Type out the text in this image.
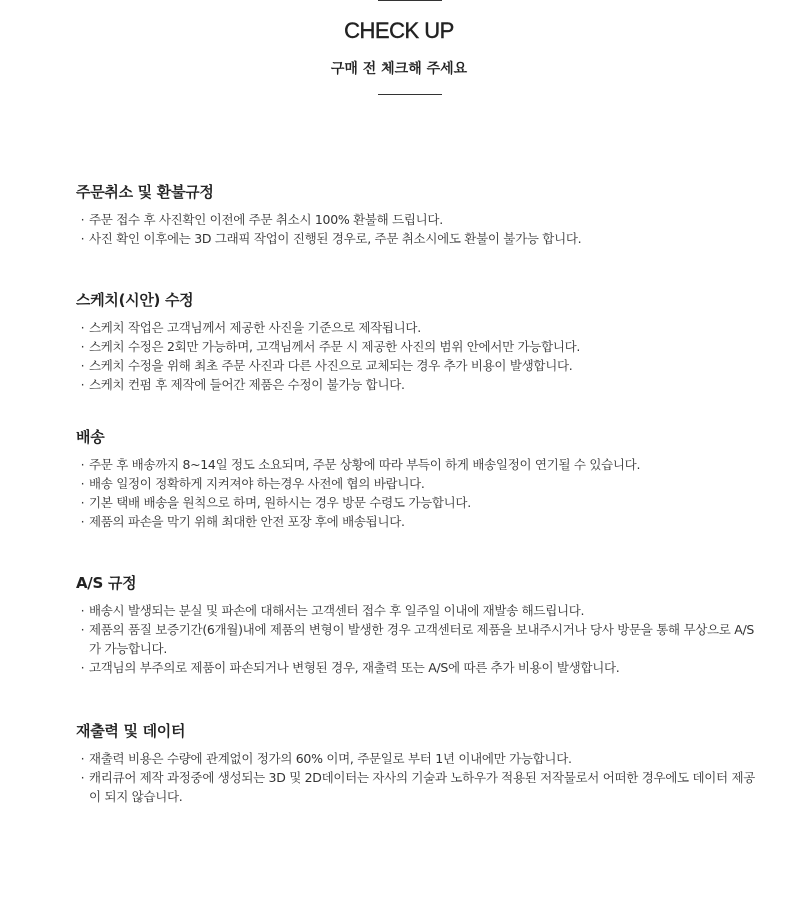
CHECK UP
구매 전 체크해 주세요
주문취소 및 환불규정
· 주문 접수 후 사진확인 이전에 주문 취소시 100% 환불해 드립니다.
· 사진 확인 이후에는 3D 그래픽 작업이 진행된 경우로, 주문 취소시에도 환불이 불가능 합니다.
스케치(시안) 수정
· 스케치 작업은 고객님께서 제공한 사진을 기준으로 제작됩니다.
· 스케치 수정은 2회만 가능하며, 고객님께서 주문 시 제공한 사진의 범위 안에서만 가능합니다.
· 스케치 수정을 위해 최초 주문 사진과 다른 사진으로 교체되는 경우 추가 비용이 발생합니다.
· 스케치 컨펌 후 제작에 들어간 제품은 수정이 불가능 합니다.
배송
· 주문 후 배송까지 8~14일 정도 소요되며, 주문 상황에 따라 부득이 하게 배송일정이 연기될 수 있습니다.
· 배송 일정이 정확하게 지켜져야 하는경우 사전에 협의 바랍니다.
· 기본 택배 배송을 원칙으로 하며, 원하시는 경우 방문 수령도 가능합니다.
· 제품의 파손을 막기 위해 최대한 안전 포장 후에 배송됩니다.
A/S 규정
· 배송시 발생되는 분실 및 파손에 대해서는 고객센터 접수 후 일주일 이내에 재발송 해드립니다.
· 제품의 품질 보증기간(6개월)내에 제품의 변형이 발생한 경우 고객센터로 제품을 보내주시거나 당사 방문을 통해 무상으로 A/S가 가능합니다.
· 고객님의 부주의로 제품이 파손되거나 변형된 경우, 재출력 또는 A/S에 따른 추가 비용이 발생합니다.
재출력 및 데이터
· 재출력 비용은 수량에 관계없이 정가의 60% 이며, 주문일로 부터 1년 이내에만 가능합니다.
· 캐리큐어 제작 과정중에 생성되는 3D 및 2D데이터는 자사의 기술과 노하우가 적용된 저작물로서 어떠한 경우에도 데이터 제공이 되지 않습니다.
